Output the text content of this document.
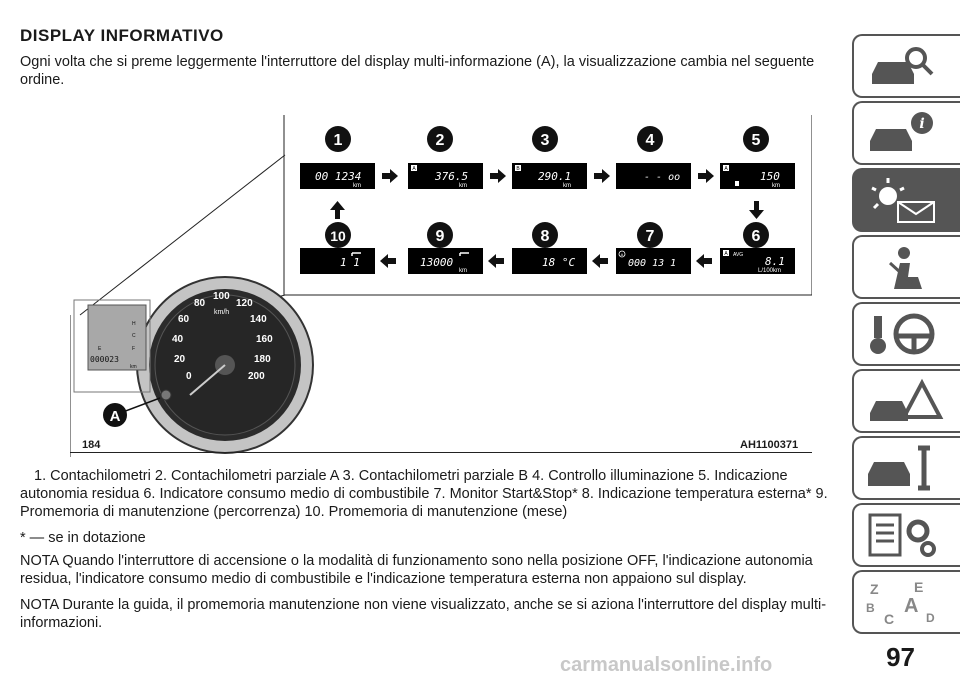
DISPLAY INFORMATIVO
Ogni volta che si preme leggermente l'interruttore del display multi-informazione (A), la visualizzazione cambia nel seguente ordine.
1	2	3	4	5
00 1234
km
A
376.5
km
B
290.1
km
- - oo
A
150
km
10	9	8	7	6
1 1	13000
km
18 °C
A
000 13 1
A AVG 8.1
L/100km
0
20
40
60
80
100
120
140
160
180
200
km/h
000023
km
E	F
H
C
A
184	AH1100371
1. Contachilometri 2. Contachilometri parziale A 3. Contachilometri parziale B 4. Controllo illuminazione 5. Indicazione autonomia residua 6. Indicatore consumo medio di combustibile 7. Monitor Start&Stop* 8. Indicazione temperatura esterna* 9. Promemoria di manutenzione (percorrenza) 10. Promemoria di manutenzione (mese)
* — se in dotazione
NOTA Quando l'interruttore di accensione o la modalità di funzionamento sono nella posizione OFF, l'indicazione autonomia residua, l'indicatore consumo medio di combustibile e l'indicazione temperatura esterna non appaiono sul display.
NOTA Durante la guida, il promemoria manutenzione non viene visualizzato, anche se si aziona l'interruttore del display multi-informazioni.
97
carmanualsonline.info
i
Z	E
B A
C	D
